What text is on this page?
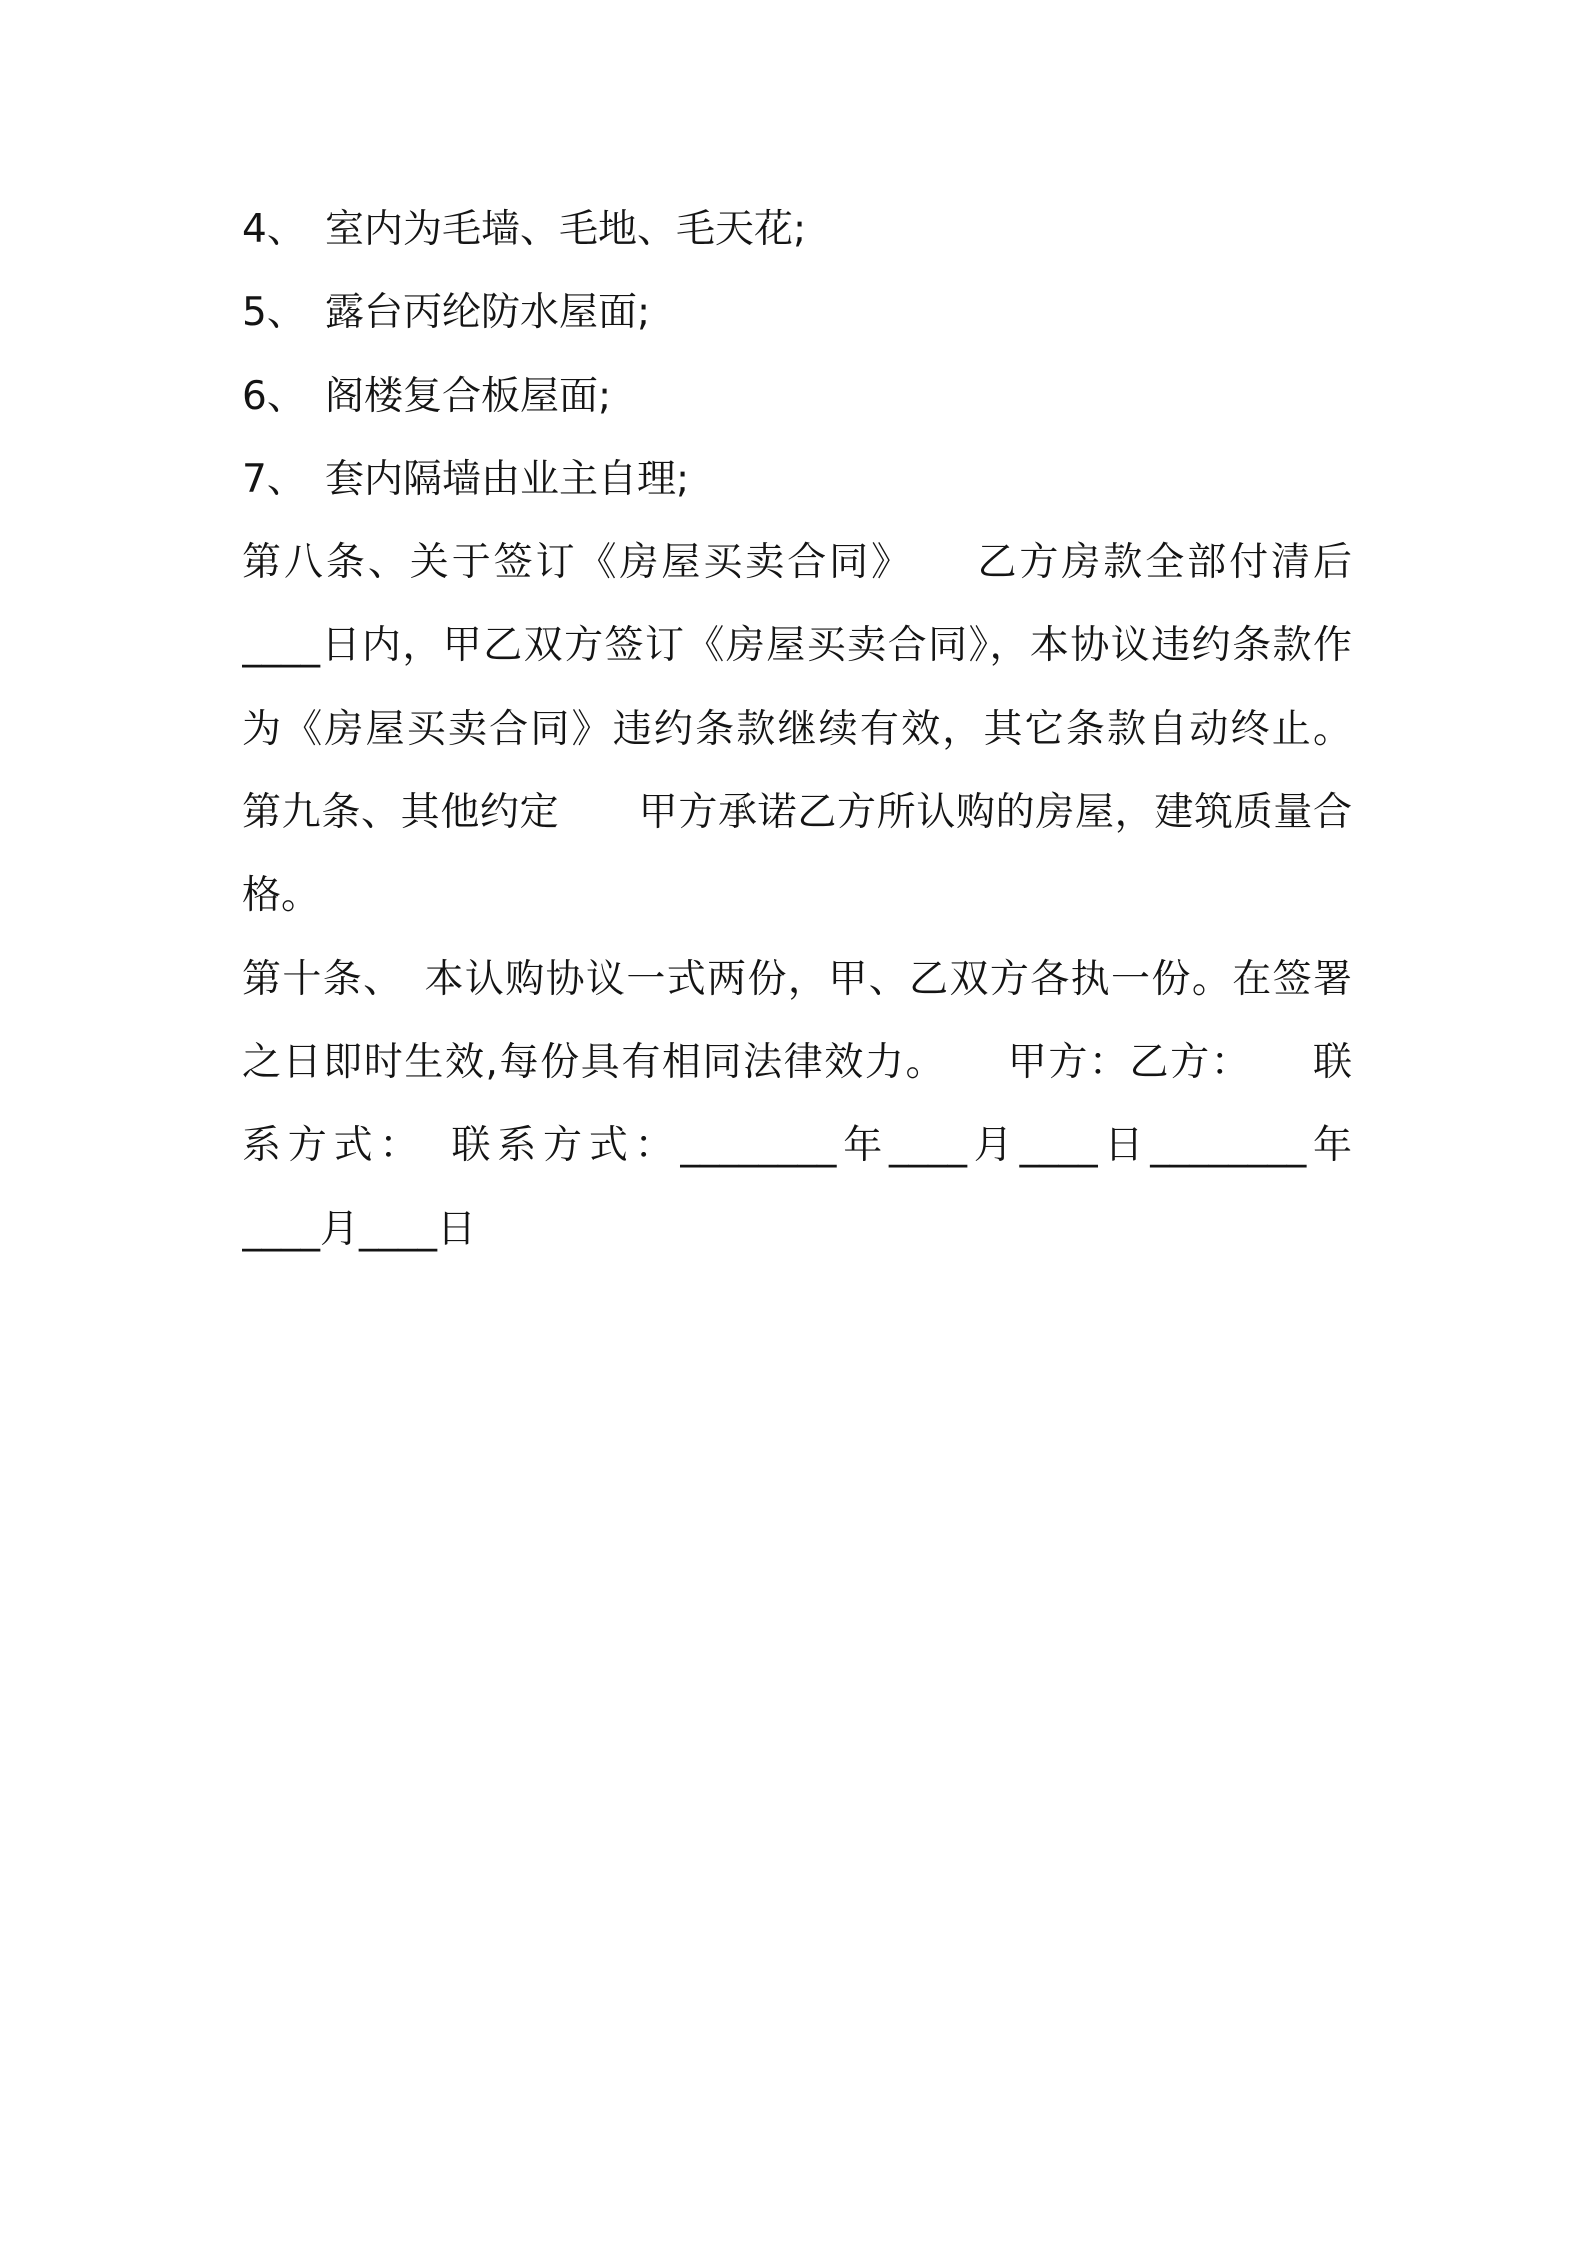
4、 室内为毛墙、毛地、毛天花;
5、 露台丙纶防水屋面;
6、 阁楼复合板屋面;
7、 套内隔墙由业主自理;
第八条、关于签订《房屋买卖合同》　　乙方房款全部付清后
____日内，甲乙双方签订《房屋买卖合同》，本协议违约条款作
为《房屋买卖合同》违约条款继续有效，其它条款自动终止。
第九条、其他约定　　甲方承诺乙方所认购的房屋，建筑质量合
格。
第十条、　本认购协议一式两份，甲、乙双方各执一份。在签署
之日即时生效,每份具有相同法律效力。　　甲方：乙方：　　联
系方式：　联系方式：________年____月____日________年
____月____日
